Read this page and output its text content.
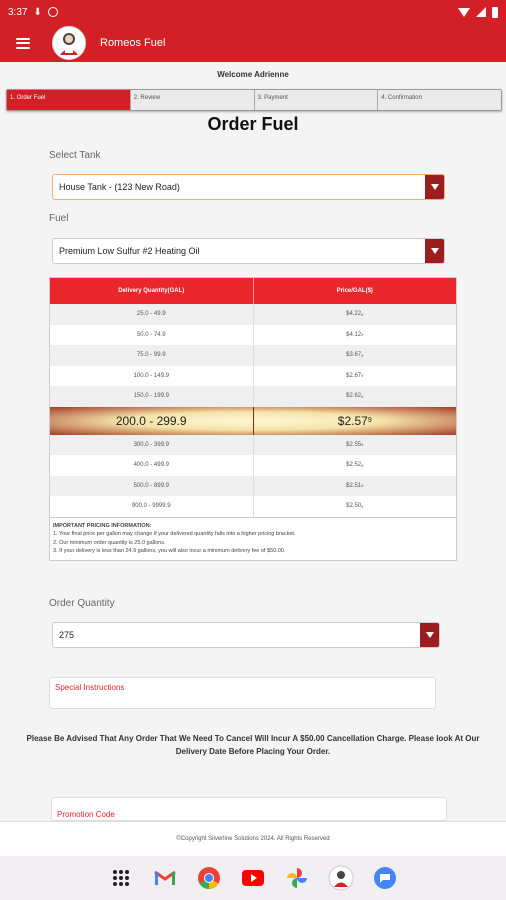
3:37 ⬇
Romeos Fuel
Welcome Adrienne
1. Order Fuel	2. Review	3. Payment	4. Confirmation
Order Fuel
Select Tank
House Tank - (123 New Road)
Fuel
Premium Low Sulfur #2 Heating Oil
Delivery Quantity(GAL)	Price/GAL($)
25.0 - 49.9	$4.22 9
50.0 - 74.9	$4.12 9
75.0 - 99.9	$3.67 9
100.0 - 149.9	$2.67 9
150.0 - 199.9	$2.62 9
200.0 - 299.9	$2.57 9
300.0 - 399.9	$2.55 9
400.0 - 499.9	$2.52 9
500.0 - 899.9	$2.51 9
900.0 - 9999.9	$2.50 9
IMPORTANT PRICING INFORMATION:
1. Your final price per gallon may change if your delivered quantity falls into a higher pricing bracket.
2. Our minimum order quantity is 25.0 gallons.
3. If your delivery is less than 24.9 gallons, you will also incur a minimum delivery fee of $50.00.
Order Quantity
275
Special Instructions
Please Be Advised That Any Order That We Need To Cancel Will Incur A $50.00 Cancellation Charge. Please look At Our Delivery Date Before Placing Your Order.
Promotion Code
©Copyright Silverline Solutions 2024. All Rights Reserved
